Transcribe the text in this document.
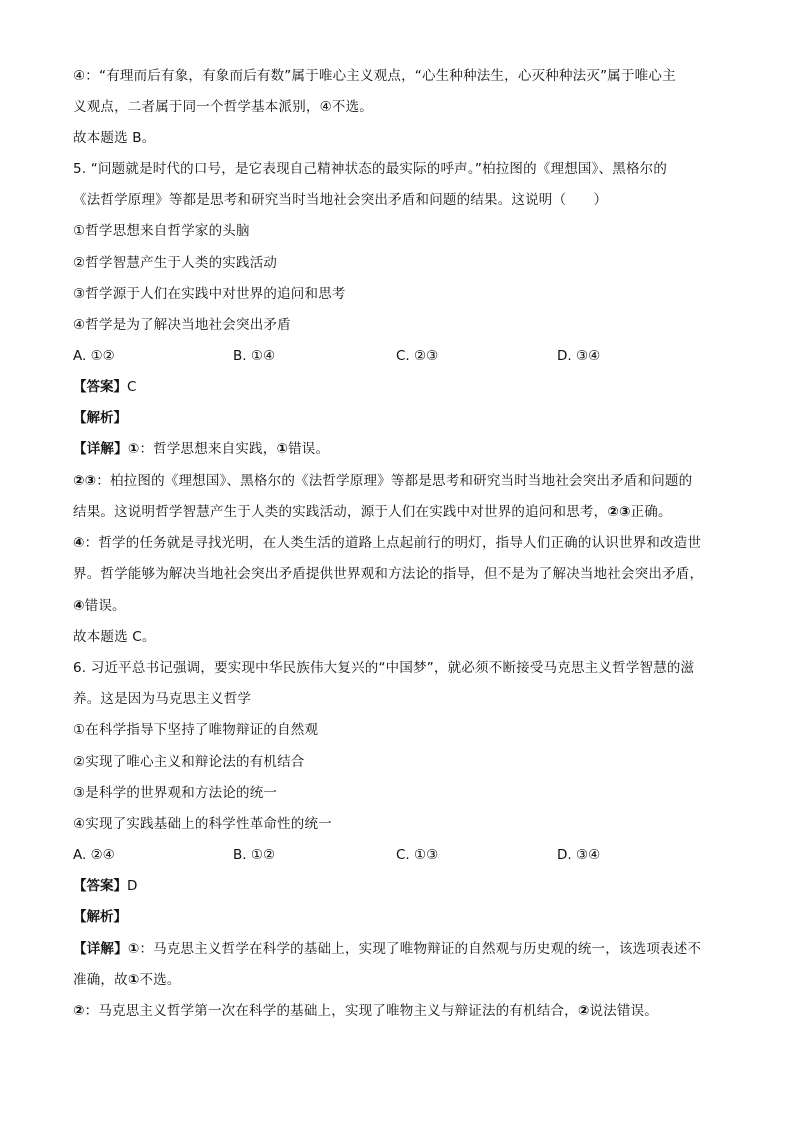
④：“有理而后有象，有象而后有数”属于唯心主义观点，“心生种种法生，心灭种种法灭”属于唯心主
义观点，二者属于同一个哲学基本派别，④不选。
故本题选 B。
5. “问题就是时代的口号，是它表现自己精神状态的最实际的呼声。”柏拉图的《理想国》、黑格尔的
《法哲学原理》等都是思考和研究当时当地社会突出矛盾和问题的结果。这说明（　　）
①哲学思想来自哲学家的头脑
②哲学智慧产生于人类的实践活动
③哲学源于人们在实践中对世界的追问和思考
④哲学是为了解决当地社会突出矛盾
A. ①②	B. ①④	C. ②③	D. ③④
【答案】C
【解析】
【详解】①：哲学思想来自实践，①错误。
②③：柏拉图的《理想国》、黑格尔的《法哲学原理》等都是思考和研究当时当地社会突出矛盾和问题的
结果。这说明哲学智慧产生于人类的实践活动，源于人们在实践中对世界的追问和思考，②③正确。
④：哲学的任务就是寻找光明，在人类生活的道路上点起前行的明灯，指导人们正确的认识世界和改造世
界。哲学能够为解决当地社会突出矛盾提供世界观和方法论的指导，但不是为了解决当地社会突出矛盾，
④错误。
故本题选 C。
6. 习近平总书记强调，要实现中华民族伟大复兴的“中国梦”，就必须不断接受马克思主义哲学智慧的滋
养。这是因为马克思主义哲学
①在科学指导下坚持了唯物辩证的自然观
②实现了唯心主义和辩论法的有机结合
③是科学的世界观和方法论的统一
④实现了实践基础上的科学性革命性的统一
A. ②④	B. ①②	C. ①③	D. ③④
【答案】D
【解析】
【详解】①：马克思主义哲学在科学的基础上，实现了唯物辩证的自然观与历史观的统一，该选项表述不
准确，故①不选。
②：马克思主义哲学第一次在科学的基础上，实现了唯物主义与辩证法的有机结合，②说法错误。
